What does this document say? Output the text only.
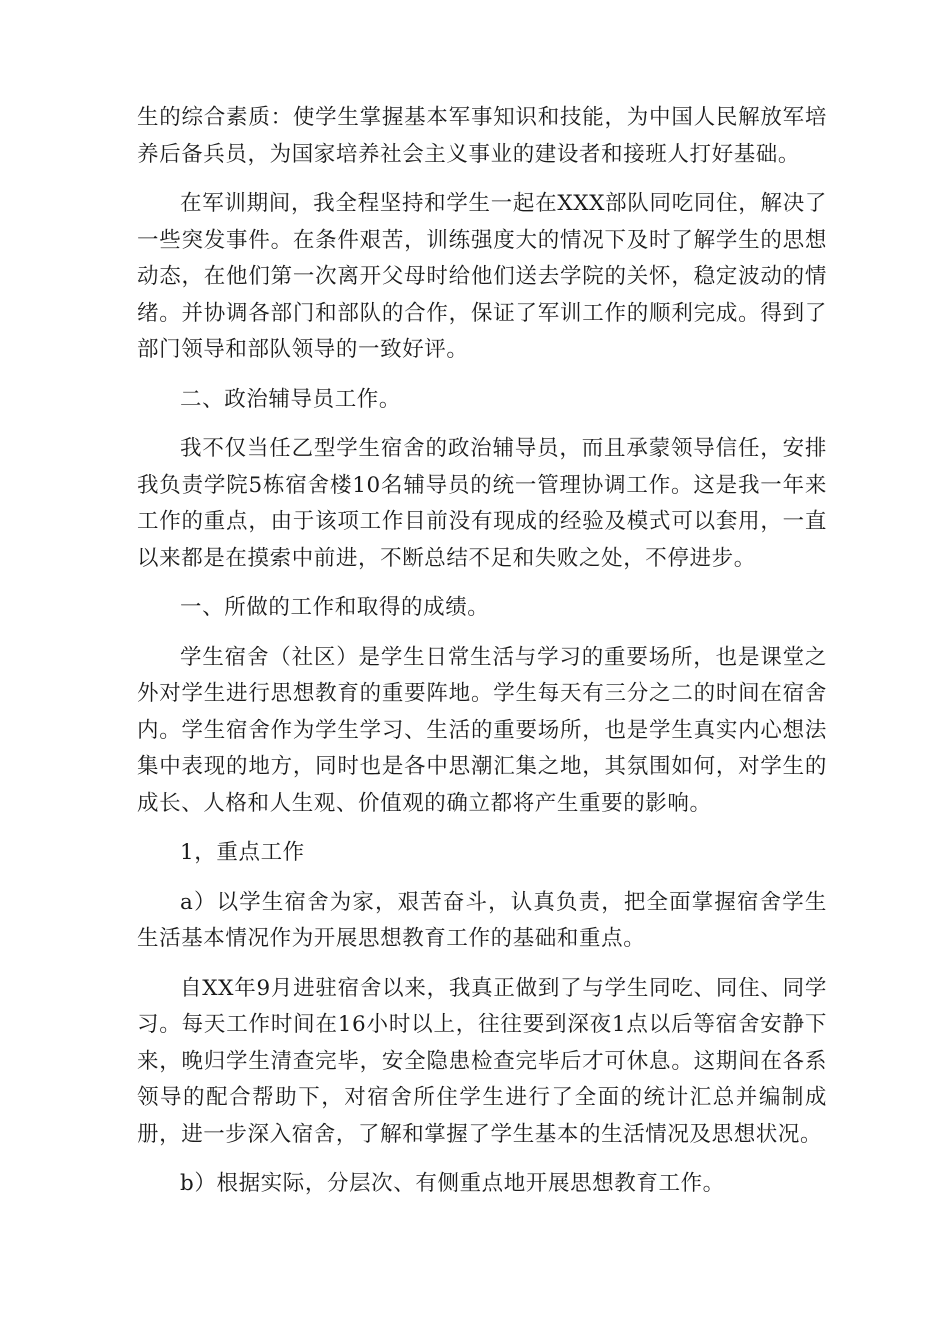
生的综合素质：使学生掌握基本军事知识和技能，为中国人民解放军培养后备兵员，为国家培养社会主义事业的建设者和接班人打好基础。

在军训期间，我全程坚持和学生一起在XXX部队同吃同住，解决了一些突发事件。在条件艰苦，训练强度大的情况下及时了解学生的思想动态，在他们第一次离开父母时给他们送去学院的关怀，稳定波动的情绪。并协调各部门和部队的合作，保证了军训工作的顺利完成。得到了部门领导和部队领导的一致好评。

二、政治辅导员工作。

我不仅当任乙型学生宿舍的政治辅导员，而且承蒙领导信任，安排我负责学院5栋宿舍楼10名辅导员的统一管理协调工作。这是我一年来工作的重点，由于该项工作目前没有现成的经验及模式可以套用，一直以来都是在摸索中前进，不断总结不足和失败之处，不停进步。

一、所做的工作和取得的成绩。

学生宿舍（社区）是学生日常生活与学习的重要场所，也是课堂之外对学生进行思想教育的重要阵地。学生每天有三分之二的时间在宿舍内。学生宿舍作为学生学习、生活的重要场所，也是学生真实内心想法集中表现的地方，同时也是各中思潮汇集之地，其氛围如何，对学生的成长、人格和人生观、价值观的确立都将产生重要的影响。

1，重点工作

a）以学生宿舍为家，艰苦奋斗，认真负责，把全面掌握宿舍学生生活基本情况作为开展思想教育工作的基础和重点。

自XX年9月进驻宿舍以来，我真正做到了与学生同吃、同住、同学习。每天工作时间在16小时以上，往往要到深夜1点以后等宿舍安静下来，晚归学生清查完毕，安全隐患检查完毕后才可休息。这期间在各系领导的配合帮助下，对宿舍所住学生进行了全面的统计汇总并编制成册，进一步深入宿舍，了解和掌握了学生基本的生活情况及思想状况。

b）根据实际，分层次、有侧重点地开展思想教育工作。
